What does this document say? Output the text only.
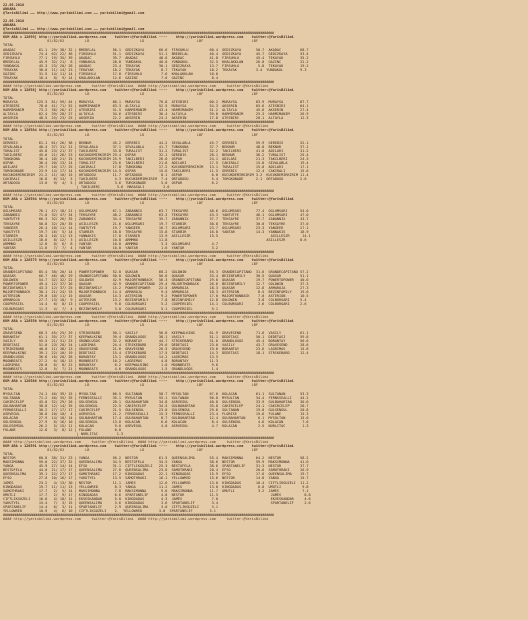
22.05.2018
ANKARA
@TarisBilimi —— http://www.yarisbilimi.com —— yarisbilimi@gmail.com
22.05.2018
ANKARA
@TarisBilimi —— http://www.yarisbilimi.com —— yarisbilimi@gmail.com
##############################################################################################################################################
KUM ARA = 12659] http://yarisbilimi.wordpress.com    twitter:@YarisBilimi ----    http://yarisbilimi.wordpress.com    twitter:@YarisBilimi
81/82/83          LB                        LD                         LBF                       LBF
TOTAL
AKADAC           61.1  29/ 38/ 32 | BREDELAL        56.1  GEDIZKAYA       66.6  FIRSUHLU          60.4  GEDIZKAYA       50.7  AKADAC         68.7
GEDIZKAYA        74.4  62/ 22/ 36 | FIRSUHLU        51.1  GEDIZKAYA       51.1  BREDELAL          46.4  GEDIZKAYA       45.7  GEDIZKAYA      53.4
FIRSUHLU         77.1  19/ 35/ 39 | AKADAC          39.7  AKADAC          48.6  AKADAC            41.8  FIRSUHLU        45.4  TEKAYAK        35.2
BREDELAL         45.9  32/ 21/  8 | YUNDAKUL        28.8  YUNDAKUL        40.0  YUNDAKUL          32.5  KHALAKKLAN      26.0  GAZINC         22.2
YUNDAKUL         45.3  23/ 20/ 28 | AKADAC          23.4  TEKAYAK         30.1  GEDIZKAYA         13.7  FIRSUHLU         5.8  TEKAYAK        19.2
TEKAYAK          30.0  11/ 14/ 23 | TEKAYAK         18.2  TEKAYAK          8.7  TEKAYAK           10.2  TEKAYAK         3.4  YUNDAKUL        9.3
GAZINC           31.5  14/ 11/ 14 | FIRSUHLU        17.0  FIRSUHLU         7.6  KHALAKKLAN        10.6
TEKAYAK          16.4   8/  9/ 14 | KHALAKKLAN      12.6  GAZINC           7.6  GAZINC             8.4
##############################################################################################################################################
#### http://yarisbilimi.wordpress.com     twitter:@YarisBilimi  #### http://yarisbilimi.wordpress.com     twitter:@YarisBilimi
KUM ARA = 12658] http://yarisbilimi.wordpress.com    twitter:@YarisBilimi ----    http://yarisbilimi.wordpress.com    twitter:@YarisBilimi
81/82/83          LB                        LD                         LBF                       LBF
TOTAL
MURAYSA         125.3  81/ 59/ 44 | MURAYSA         66.1  MURAYSA         76.8  ATESBIRI          60.2  MURAYSA         83.9  MURAYSA        87.7
ATESBIRI         78.0  41/ 71/ 52 | HARMIMANIM      63.3  ALTAYLA         52.5  MURAYSA           54.3  AKSERIN         65.6  ATESBIRI       64.1
HARMIMANIM       73.2  36/ 26/ 47 | ATESBIRI        51.5  HARMIMANIM      43.4  HARMIMANIM        51.2  ALTAYLA         45.6  AKSERIN        27.4
ALTAYLA          62.4  39/ 28/ 27 | ALTAYLA         34.6  ATESBIRI        36.4  ALTAYLA           39.6  HARMIMANIM      25.3  HARMIMANIM     26.9
AKSERIN          48.5  25/ 23/ 25 | AKSERIN         22.2  AKSERIN         24.2  AKSERIN           17.8  ATESBIRI        20.1  ALTAYLA        12.3
##############################################################################################################################################
#### http://yarisbilimi.wordpress.com     twitter:@YarisBilimi  #### http://yarisbilimi.wordpress.com     twitter:@YarisBilimi
KUM ARA = 126584 http://yarisbilimi.wordpress.com    twitter:@YarisBilimi ----    http://yarisbilimi.wordpress.com    twitter:@YarisBilimi
81/82/83          LB                        LD                         LBF                       LBF
TOTAL
GEREBIS          61.1  61/ 26/ 38 | BEKNUR          45.2  GEREBIS         44.2  SEVALABLA         45.7  GEREBIS         59.9  GEREBIS        52.1
SEVALABLA        48.4  37/ 31/ 21 | SEVALABLA       37.1  SEVALABLA       41.7  TUNGKONA          37.7  BEKNUR          48.8  BEKNUR         37.1
TURALIST         45.8  23/ 21/ 37 | TAKILBERI       33.8  TURALIST        31.2  TURALIST          32.2  TAKILBERI       41.0  ADILARI        31.2
TAKILBERI        45.6  21/ 26/ 23 | KUCUKDEMIRKIRIM 29.4  OSPAR           32.1  GEREBIS           28.1  BEKNUR          36.2  TURALIST       25.4
TUNGKONA         36.4  18/ 21/ 15 | KUCUKDEMIRKIRIM 25.9  TAKILBERI       26.0  OSPAR             24.1  ADILARI         21.3  TAKILBERI      24.3
OSPAR            36.4  20/ 13/ 14 | TURALIST        23.6  TAKILBERI       21.6  ADILARI           17.5  CAKIRALI        15.0  SEVALABLA      19.4
ADILARI          29.7  10/ 17/ 25 | CAKIRALI        17.8  TUNGKONA        17.2  KUCUKDEMIRKIRIM   13.1  TURALIST        15.0  ADILARI        17.1
TURGKONADE       23.9  14/ 17/ 14 | KUCUKDEMIRKIRIM 14.5  OSPAR           15.6  TAKILBERI         11.5  GEREBIS         12.4  CAKIRALI       15.6
KUCUKDEMIRKIRIM  21.2  11/ 10/ 15 | ORTADOGU        11.7  ORTADOGU         8.1  OSPAR              6.0  KUCUKDEMIRKIRIM 3.2  KUCUKDEMIRKIRIM 11.4
CAKIRALI         16.8   6/ 13/  5 | TAKILBERI        4.3  KUCUKDEMIRKIRIM  7.4  ORTADOGU           5.4  TURGKONADE      2.1  ORTADOGU        2.6
ORTADOGU         13.0   9/  4/  5 | ORTADOGU         3.6  TURGKONADE       5.0  OSPAR              6.2
| TAKILBERI        3.6  MARASALI         2.6
##############################################################################################################################################
#### http://yarisbilimi.wordpress.com     twitter:@YarisBilimi  #### http://yarisbilimi.wordpress.com     twitter:@YarisBilimi
KUM ARA = 126594 http://yarisbilimi.wordpress.com    twitter:@YarisBilimi ----    http://yarisbilimi.wordpress.com    twitter:@YarisBilimi
81/82/83          LB                        LD                         LBF                       LBF
TOTAL
OGLUMSARI        76.1  47/ 18/ 21 | OGLUMSARI       67.1  ZABANNIX        63.7  TEKSAYRE          48.6  OGLUMSARI       77.4  OGLUMSARI      54.0
ZABANNIX         71.0  32/ 47/ 34 | TEKSAYRE        48.2  ZABANNIX        63.3  TEKSAYRE          43.3  YANTUTYE        46.1  OGLUMSARI      47.0
YANTUTYE         66.3  32/ 26/ 35 | ZABANNIX        34.4  TEKSAYRE        35.7  ZABANNIX          37.7  TEKSAYRE        37.7  ZABANNIX       43.7
TEKSAYRE         50.8  32/ 20/ 35 | ASILLESZR       21.6  OGLUMSARI       19.7  STARBIR           30.8  TEKSAYRE        30.0  TEKSAYRE       37.0
YANGEER          26.4  18/ 11/ 14 | YANTUTYE        19.7  YANGEER         16.7  OGLUMSARI         23.7  OGLUMSARI       23.3  YANGEER        27.1
YAKUTYTE         19.7  16/  5/ 14 | STARBIR         18.8  TEKSAYRE        15.8  STARBIR           16.8  YANTAR          14.3  YANNAKIS       18.9
STARBIR          26.3  10/ 11/ 13 | YANNAKIS        17.8  STARBIR         13.9  ASILLESZR         15.5                         ASILLESZR      14.1
ASILLESZR        18.6   8/ 12/  3 | ASILLESZR       10.8  ARMMNO          11.8                                               ASILLESZR       8.6
ARMMNO           12.8   8/  6/  8 | YANTAR          10.0  ARMMNO           3.3  OGLUMSARI          4.7
YANTAR           11.6   7/  7/  4 | YANTAR          10.0  YANTAR           1.6  YANTAR             3.2
##############################################################################################################################################
#### http://yarisbilimi.wordpress.com     twitter:@YarisBilimi  #### http://yarisbilimi.wordpress.com     twitter:@YarisBilimi
KUM ARA = 126575 http://yarisbilimi.wordpress.com    twitter:@YarisBilimi ----    http://yarisbilimi.wordpress.com    twitter:@YarisBilimi
81/82/83          LB                        LD                         LBF                       LBF
TOTAL
GRANDECAPITANO   85.4  38/ 20/ 14 | POWERTOPOWER    52.0  QUASAR          68.2  GOLDWIN           55.3  GRANDECAPITANO  31.6  GRANDECAPITANO 57.2
QUASAR           66.7  46/ 40/ 29 | GRANDECAPITANO  50.0  GOLDWIN         56.6  QUASAR            33.4  BEZINFAMILY     30.5  QUASAR         51.1
GOLDWIN          54.7  32/ 32/ 22 | GOLDWIN         42.9  MAJORTHONBACK   56.3  GRANDECAPITANO    29.6  QUASAR          19.7  POWERTOPOWER   40.6
POWERTOPOWER     49.4  12/ 37/ 26 | QUASAR          42.9  GRANDECAPITANO  29.4  MAJORTHONBACK     26.6  BEZINFAMILY     12.7  GOLDWIN        37.3
BEZINFAMILY      43.3  12/ 37/ 25 | BEZINFAMILY     15.2  POWERTOPOWER    22.5  ARMAROJA          18.3  QUASAR          12.8  ARMAROJA       27.3
MAJORTHONBACK    30.1  21/ 24/ 15 | MAJORTHONBACK   14.4  ARMAROJA         9.4  ARMAROJA          18.3  ASTERION         8.5  BEZINFAMILY    19.6
ASTERION         29.0  10/ 11/ 15 | QUASAR          14.3  ASTERION         9.2  POWERTOPOWER      17.0  MAJORTHONBACK    7.0  ASTERION       10.5
ARMAROJA         27.7  13/ 18/  9 | ASTERION        13.2  BEZINFAMILY      7.8  BEZINFAMILY       12.8  GOLDWIN          3.8  COLBURGARI     5.4
COOPERSIEL       14.4   6/  8/ 13 | COOPERSIEL       9.8  COLBURGARI       5.2  COOPERSIEL        14.1  COLBURGARI       2.6  COLBURGARI     2.6
COLBURGARI       11.3   4/  7/  4 | BEZINFAMILY      3.0  COLBURGARI       5.1  COOPERSIEL         5.1
##############################################################################################################################################
#### http://yarisbilimi.wordpress.com     twitter:@YarisBilimi  #### http://yarisbilimi.wordpress.com     twitter:@YarisBilimi
KUM ARA = 126556 http://yarisbilimi.wordpress.com    twitter:@YarisBilimi ----    http://yarisbilimi.wordpress.com    twitter:@YarisBilimi
81/82/83          LB                        LD                         LBF                       LBF
TOTAL
GRAVESEND        68.3  45/ 25/ 29 | STRIKEBARD      50.1  VASILY          56.8  KEEPWALKING       61.9  GRAVESEND       71.6  VASILY         61.1
BORANTAY         61.1  35/ 27/ 37 | KEEPWALKING     39.4  GRANDLUGOS      38.1  VASILY            51.1  DEDETASI        50.1  DEDETASI       59.8
VASILY           55.5  21/ 31/ 23 | GRANDLUGOS      32.2  BORANTAY        44.7  STRIKEBARD        31.6  GRANDLUGOS      45.4  BORANTAY       56.6
DEDETASI         51.0  23/ 28/ 24 | LAGRIMAS        24.4  STRIKEBARD      29.6  DEDETASI          23.0  VASILY          43.7  GRAVESEND      28.6
STRIKEBARD       40.0  11/ 38/ 13 | GRAVESEND       21.0  GRAVESEND       26.5  GRAVESEND         19.6  BORANTAY        23.6  LAGRIMAS       15.8
KEEPWALKING      39.1  22/ 10/ 19 | DEDETASI        15.4  STRIKEBARD      17.5  DEDETASI          14.3  DEDETASI        18.1  STRIKEBARD     12.4
GRANDLUGOS       36.6  16/ 20/ 28 | BORANTAY        13.1  GRANDLUGOS      14.2  LAGRIMAS          13.5
MOONBEATS        27.2   6/ 18/ 13 | MOONBEATS       10.2  LAGRIMAS         4.8  BORANTAY          11.3
LAGRIMAS         20.0   6/  8/ 22 | BORANTAY         6.2  KEEPWALKING      1.0  MOONBEATS          9.6
MOONBEATS        12.0   5/  7/ 21 | MOONBEATS        4.6  GRANDLUGOS       1.5  GRANDLUGOS         1.4
##############################################################################################################################################
#### http://yarisbilimi.wordpress.com     twitter:@YarisBilimi  #### http://yarisbilimi.wordpress.com     twitter:@YarisBilimi
KUM ARA = 126586 http://yarisbilimi.wordpress.com    twitter:@YarisBilimi ----    http://yarisbilimi.wordpress.com    twitter:@YarisBilimi
81/82/83          LB                        LD                         LBF                       LBF
TOTAL
MYSULTAN         74.1  46/ 39/ 15 | MYSULTAN        66.5  SULTANAN        58.7  MYSULTAN          67.6  KOLACAN         61.1  SULTANAN       53.3
SULTANAN         71.2  40/ 35/ 35 | FERNSSEALLI     35.1  MYSULTAN        55.1  SULTANAN          56.8  MYSULTAN        34.4  FERNSSEALLI    44.2
CAKIRCELEP       45.0  32/ 29/ 26 | GULSENGUL       28.1  GULBAHARTAN     34.8  ASRVEGUL          40.8  GULSENGUL       33.9  GULBAHARTAN    30.6
GULBAHARTAN      38.8  12/ 14/ 35 | GULSENGUL       22.5  CAKIRCELEP      34.5  GULBAHARTAN       35.8  CAKIRCELEP      24.1  CAKIRCELEP     28.7
FERNSSEALLI      30.2  17/ 17/ 17 | CAKIRCELEP      21.5  GULSENGUL       23.0  GULSENGUL         29.8  SULTANAN        19.8  GULSENGUL      20.8
ASRVEGUL         30.0  10/ 10/  4 | ASRVEGUL        21.2  FERNSSEALLI     15.3  FERNSSEALLI       23.4  FLORISE         15.6  FULANE         15.3
KOLACAN          27.9  14/ 18/ 14 | GULBAHARTAN     17.4  GULBAHARTAN      8.7  GULBAHARTAN       12.4  GULBAHARTAN      6.1  MYSULTAN       15.0
GULSENGUL        27.9   6/ 16/ 10 | GULSENGUL       13.0  KOLACAN          6.6  KOLACAN            8.4  GULSENGUL        4.6  KOLACAN         7.6
GULESEMGUL       26.2   5/ 15/ 11 | KOLACAN          9.0  ASRVEGUL         4.0  ASRVEGUL           4.7  KOLACAN          2.5  NURLITAC        1.3
FULANE           12.8   3/  8/ 12 | FULANE           6.0
| NURLITAC         1.3
##############################################################################################################################################
#### http://yarisbilimi.wordpress.com     twitter:@YarisBilimi  #### http://yarisbilimi.wordpress.com     twitter:@YarisBilimi
KUM ARA = 126591 http://yarisbilimi.wordpress.com    twitter:@YarisBilimi ----    http://yarisbilimi.wordpress.com    twitter:@YarisBilimi
81/82/83          LB                        LD                         LBF                       LBF
TOTAL
NESTOR           60.8  38/ 31/ 23 | YANGA           56.2  NESTOR          61.5  QUEENSALIMA       55.4  MAKSIMONNA      64.2  NESTOR         58.2
MAKSIMONNA       59.0  22/ 37/ 32 | QUEENSALIMA     34.5  BESTOFELA       34.5  YANGA             38.6  NESTOR          59.9  MAKSIMONNA     41.6
YANGA            45.9  27/ 14/ 14 | EFSO            31.1  CIFTLIKGUZELI   25.3  BESTOFELA         38.6  SPARTANELIF     31.3  NESTOR         37.7
BESTOFELA        44.0  21/ 17/ 17 | QUEENSALIMA     27.8  QUEENSALIMA     23.6  SAMOTHRAKI        20.4  EFSO            20.6  SAMOTHRAKI     26.9
QUEENSALIMA      39.1  22/ 27/ 17 | SAMOTHRAKI      17.2  KINGDADAS       22.1  KINGDADAS         15.9  EFSO            17.6  QUEENSALIMA    19.7
EFSO             27.0  10/ 16/ 17 | YAKUTYEL        13.5  SAMOTHRAKI      16.1  YELLOWRED         15.6  NESTOR          14.8  YANGA          15.7
JAMES            23.2   4/ 13/ 30 | NESTOR          11.1  JAMES           12.6  YELLOWRED         13.0  KINGDADAS       10.4  CIFTLIKGUZELI  11.2
KINGDADAS        19.7  11/ 11/ 13 | YELLOWRED        8.3  YANGA           11.2  JAMES             13.0  KINGDADAS        6.0  UMUTLI          9.8
SAMOTHRAKI       17.7   2/  5/ 14 | MAKSIMONNA       7.8  MAKSIMONNA       9.6  MAKSIMONNA        11.7  UMUTLI           3.2  JAMES           7.1
UMUTLI           17.7   2/  9/ 17 | KINGDADAS        6.6  SPARTANELIF      4.8  NESTOR            11.5                         JAMES           8.8
CIFTLIKGUZELI    16.0   4/ 10/ 12 | EKVESKANDAR      5.8  KINGDADAS        4.3  JAMES              7.0                         EKVESKANDAR     4.6
YAKUTYEL         15.4   7/  3/ 15 | QUEENSALIMA      3.6  KINGDADAS        3.6  SPARTANELIF        3.4                         SPARTANELIF     2.6
SPARTANELIF      14.4   6/  3/ 11 | SPARTANELIF      2.9  QUEENSALIMA      3.0  CIFTLIKGUZELI      3.1
YELLOWRED        10.9   4/  6/ 10 | CIFTLIKGUZELI    2.  YELLOWRED        3.0  SPARTANELIF        3.1
##############################################################################################################################################
#### http://yarisbilimi.wordpress.com     twitter:@YarisBilimi  #### http://yarisbilimi.wordpress.com     twitter:@YarisBilimi
